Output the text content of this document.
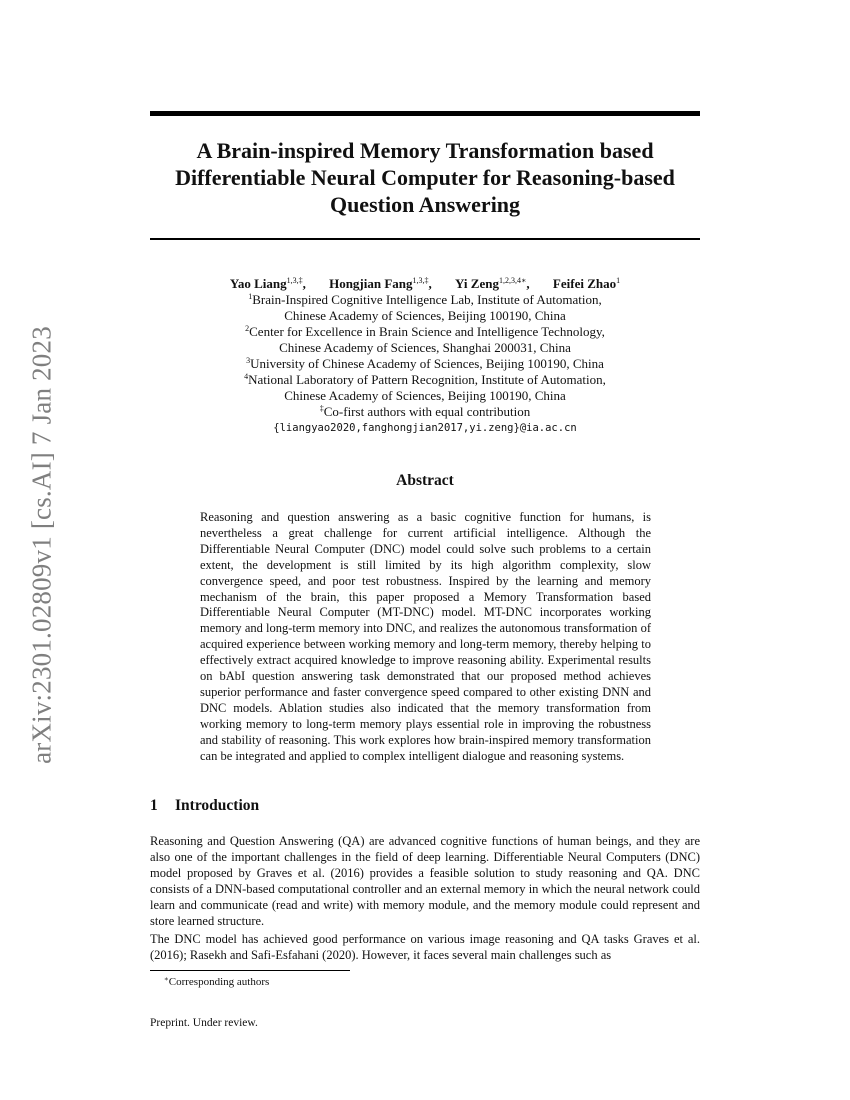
arXiv:2301.02809v1 [cs.AI] 7 Jan 2023
A Brain-inspired Memory Transformation based Differentiable Neural Computer for Reasoning-based Question Answering
Yao Liang$^{1,3,\ddagger}$, Hongjian Fang$^{1,3,\ddagger}$, Yi Zeng$^{1,2,3,4∗}$, Feifei Zhao$^1$
$^1$Brain-Inspired Cognitive Intelligence Lab, Institute of Automation,
Chinese Academy of Sciences, Beijing 100190, China
$^2$Center for Excellence in Brain Science and Intelligence Technology,
Chinese Academy of Sciences, Shanghai 200031, China
$^3$University of Chinese Academy of Sciences, Beijing 100190, China
$^4$National Laboratory of Pattern Recognition, Institute of Automation,
Chinese Academy of Sciences, Beijing 100190, China
‡Co-first authors with equal contribution
{liangyao2020,fanghongjian2017,yi.zeng}@ia.ac.cn
Abstract

Reasoning and question answering as a basic cognitive function for humans, is nevertheless a great challenge for current artificial intelligence. Although the Differentiable Neural Computer (DNC) model could solve such problems to a certain extent, the development is still limited by its high algorithm complexity, slow convergence speed, and poor test robustness. Inspired by the learning and memory mechanism of the brain, this paper proposed a Memory Transformation based Differentiable Neural Computer (MT-DNC) model. MT-DNC incorporates working memory and long-term memory into DNC, and realizes the autonomous transformation of acquired experience between working memory and long-term memory, thereby helping to effectively extract acquired knowledge to improve reasoning ability. Experimental results on bAbI question answering task demonstrated that our proposed method achieves superior performance and faster convergence speed compared to other existing DNN and DNC models. Ablation studies also indicated that the memory transformation from working memory to long-term memory plays essential role in improving the robustness and stability of reasoning. This work explores how brain-inspired memory transformation can be integrated and applied to complex intelligent dialogue and reasoning systems.

1 Introduction

Reasoning and Question Answering (QA) are advanced cognitive functions of human beings, and they are also one of the important challenges in the field of deep learning. Differentiable Neural Computers (DNC) model proposed by Graves et al. (2016) provides a feasible solution to study reasoning and QA. DNC consists of a DNN-based computational controller and an external memory in which the neural network could learn and communicate (read and write) with memory module, and the memory module could represent and store learned structure.

The DNC model has achieved good performance on various image reasoning and QA tasks Graves et al. (2016); Rasekh and Safi-Esfahani (2020). However, it faces several main challenges such as

∗Corresponding authors
Preprint. Under review.
